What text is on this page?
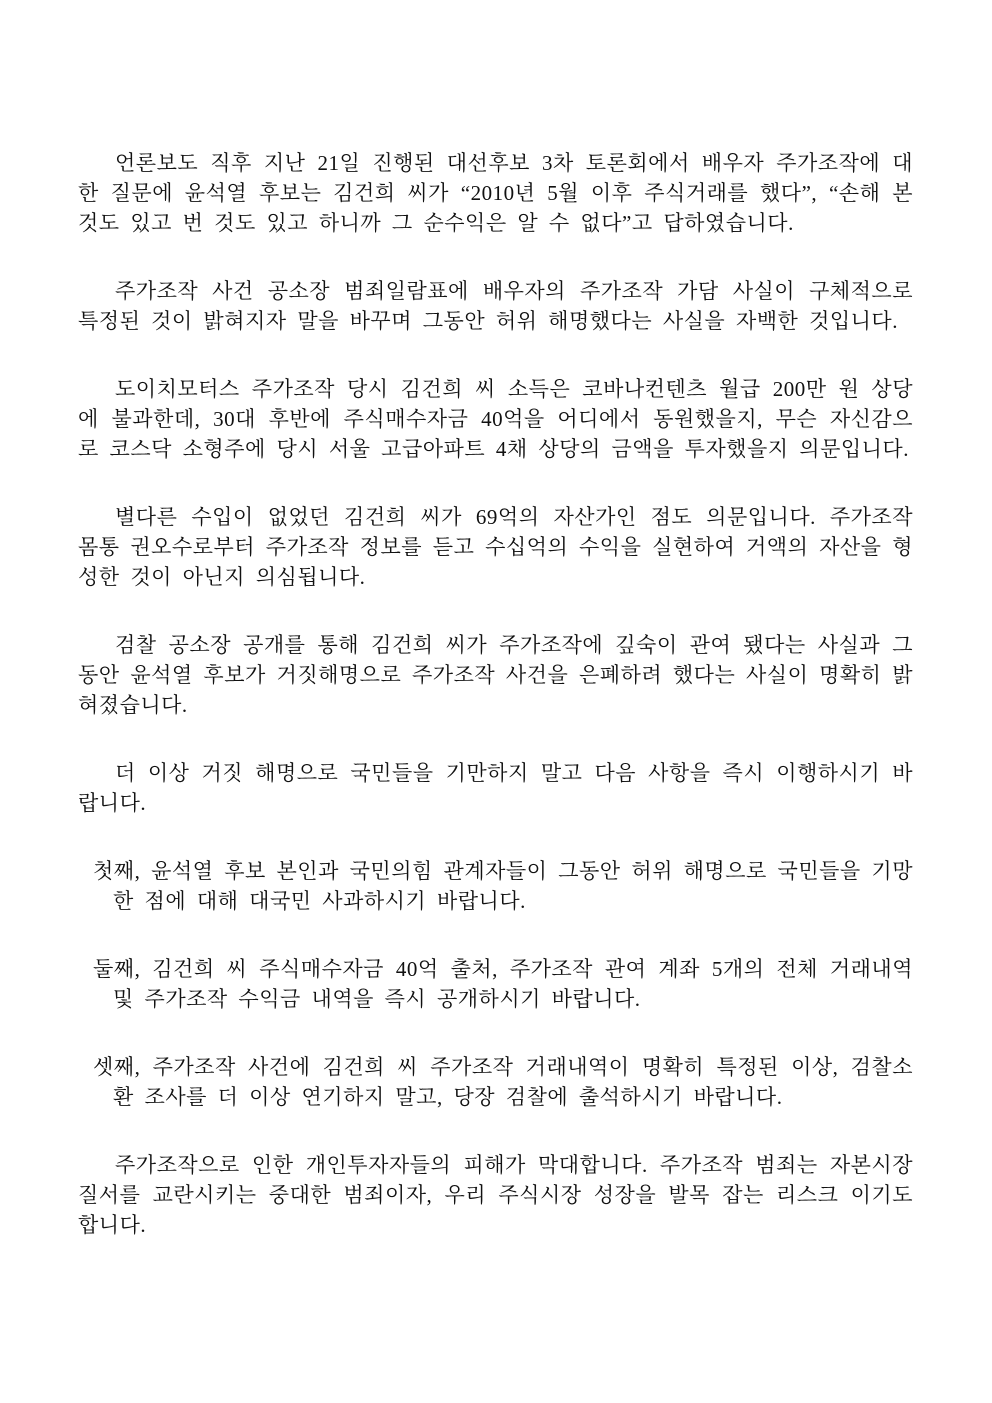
언론보도 직후 지난 21일 진행된 대선후보 3차 토론회에서 배우자 주가조작에 대한 질문에 윤석열 후보는 김건희 씨가 “2010년 5월 이후 주식거래를 했다”, “손해 본 것도 있고 번 것도 있고 하니까 그 순수익은 알 수 없다”고 답하였습니다.

주가조작 사건 공소장 범죄일람표에 배우자의 주가조작 가담 사실이 구체적으로 특정된 것이 밝혀지자 말을 바꾸며 그동안 허위 해명했다는 사실을 자백한 것입니다.

도이치모터스 주가조작 당시 김건희 씨 소득은 코바나컨텐츠 월급 200만 원 상당에 불과한데, 30대 후반에 주식매수자금 40억을 어디에서 동원했을지, 무슨 자신감으로 코스닥 소형주에 당시 서울 고급아파트 4채 상당의 금액을 투자했을지 의문입니다.

별다른 수입이 없었던 김건희 씨가 69억의 자산가인 점도 의문입니다. 주가조작 몸통 권오수로부터 주가조작 정보를 듣고 수십억의 수익을 실현하여 거액의 자산을 형성한 것이 아닌지 의심됩니다.

검찰 공소장 공개를 통해 김건희 씨가 주가조작에 깊숙이 관여 됐다는 사실과 그 동안 윤석열 후보가 거짓해명으로 주가조작 사건을 은폐하려 했다는 사실이 명확히 밝혀졌습니다.

더 이상 거짓 해명으로 국민들을 기만하지 말고 다음 사항을 즉시 이행하시기 바랍니다.

첫째, 윤석열 후보 본인과 국민의힘 관계자들이 그동안 허위 해명으로 국민들을 기망한 점에 대해 대국민 사과하시기 바랍니다.

둘째, 김건희 씨 주식매수자금 40억 출처, 주가조작 관여 계좌 5개의 전체 거래내역 및 주가조작 수익금 내역을 즉시 공개하시기 바랍니다.

셋째, 주가조작 사건에 김건희 씨 주가조작 거래내역이 명확히 특정된 이상, 검찰소환 조사를 더 이상 연기하지 말고, 당장 검찰에 출석하시기 바랍니다.

주가조작으로 인한 개인투자자들의 피해가 막대합니다. 주가조작 범죄는 자본시장 질서를 교란시키는 중대한 범죄이자, 우리 주식시장 성장을 발목 잡는 리스크 이기도 합니다.
